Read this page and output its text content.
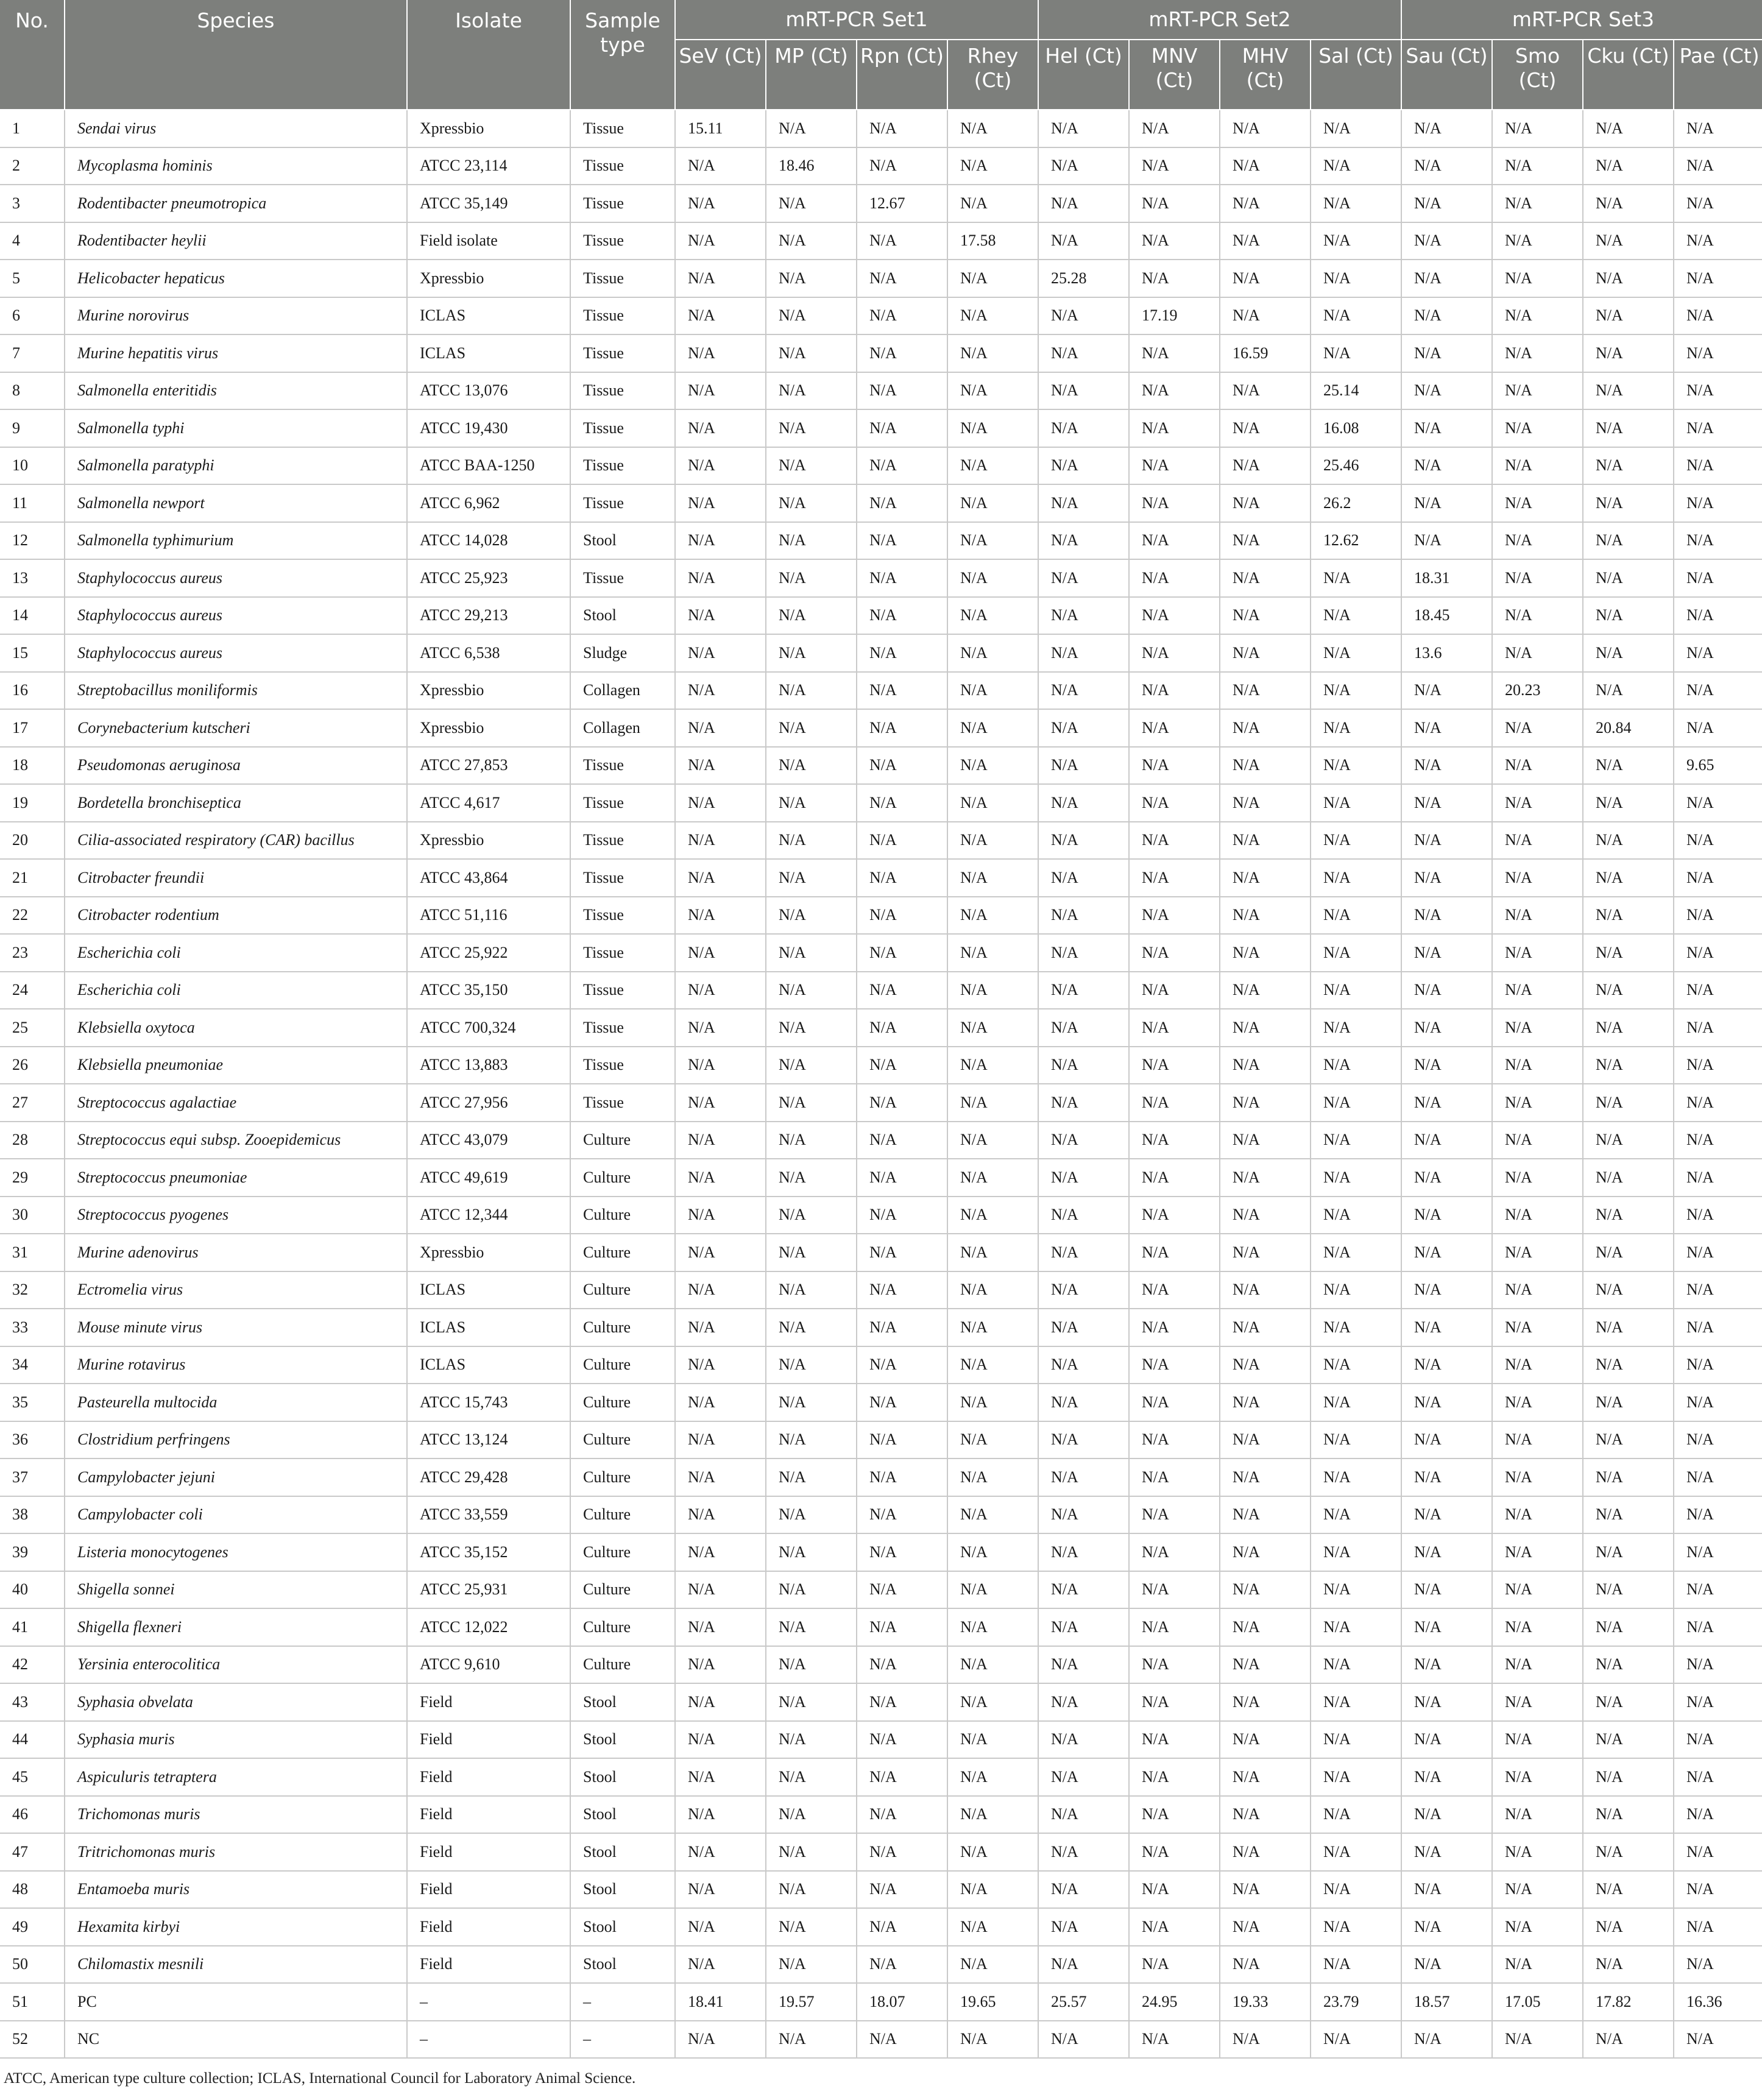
No.	Species	Isolate	Sample type	mRT-PCR Set1				mRT-PCR Set2				mRT-PCR Set3			
				SeV (Ct)	MP (Ct)	Rpn (Ct)	Rhey (Ct)	Hel (Ct)	MNV (Ct)	MHV (Ct)	Sal (Ct)	Sau (Ct)	Smo (Ct)	Cku (Ct)	Pae (Ct)
1	Sendai virus	Xpressbio	Tissue	15.11	N/A	N/A	N/A	N/A	N/A	N/A	N/A	N/A	N/A	N/A	N/A
2	Mycoplasma hominis	ATCC 23,114	Tissue	N/A	18.46	N/A	N/A	N/A	N/A	N/A	N/A	N/A	N/A	N/A	N/A
3	Rodentibacter pneumotropica	ATCC 35,149	Tissue	N/A	N/A	12.67	N/A	N/A	N/A	N/A	N/A	N/A	N/A	N/A	N/A
4	Rodentibacter heylii	Field isolate	Tissue	N/A	N/A	N/A	17.58	N/A	N/A	N/A	N/A	N/A	N/A	N/A	N/A
5	Helicobacter hepaticus	Xpressbio	Tissue	N/A	N/A	N/A	N/A	25.28	N/A	N/A	N/A	N/A	N/A	N/A	N/A
6	Murine norovirus	ICLAS	Tissue	N/A	N/A	N/A	N/A	N/A	17.19	N/A	N/A	N/A	N/A	N/A	N/A
7	Murine hepatitis virus	ICLAS	Tissue	N/A	N/A	N/A	N/A	N/A	N/A	16.59	N/A	N/A	N/A	N/A	N/A
8	Salmonella enteritidis	ATCC 13,076	Tissue	N/A	N/A	N/A	N/A	N/A	N/A	N/A	25.14	N/A	N/A	N/A	N/A
9	Salmonella typhi	ATCC 19,430	Tissue	N/A	N/A	N/A	N/A	N/A	N/A	N/A	16.08	N/A	N/A	N/A	N/A
10	Salmonella paratyphi	ATCC BAA-1250	Tissue	N/A	N/A	N/A	N/A	N/A	N/A	N/A	25.46	N/A	N/A	N/A	N/A
11	Salmonella newport	ATCC 6,962	Tissue	N/A	N/A	N/A	N/A	N/A	N/A	N/A	26.2	N/A	N/A	N/A	N/A
12	Salmonella typhimurium	ATCC 14,028	Stool	N/A	N/A	N/A	N/A	N/A	N/A	N/A	12.62	N/A	N/A	N/A	N/A
13	Staphylococcus aureus	ATCC 25,923	Tissue	N/A	N/A	N/A	N/A	N/A	N/A	N/A	N/A	18.31	N/A	N/A	N/A
14	Staphylococcus aureus	ATCC 29,213	Stool	N/A	N/A	N/A	N/A	N/A	N/A	N/A	N/A	18.45	N/A	N/A	N/A
15	Staphylococcus aureus	ATCC 6,538	Sludge	N/A	N/A	N/A	N/A	N/A	N/A	N/A	N/A	13.6	N/A	N/A	N/A
16	Streptobacillus moniliformis	Xpressbio	Collagen	N/A	N/A	N/A	N/A	N/A	N/A	N/A	N/A	N/A	20.23	N/A	N/A
17	Corynebacterium kutscheri	Xpressbio	Collagen	N/A	N/A	N/A	N/A	N/A	N/A	N/A	N/A	N/A	N/A	20.84	N/A
18	Pseudomonas aeruginosa	ATCC 27,853	Tissue	N/A	N/A	N/A	N/A	N/A	N/A	N/A	N/A	N/A	N/A	N/A	9.65
19	Bordetella bronchiseptica	ATCC 4,617	Tissue	N/A	N/A	N/A	N/A	N/A	N/A	N/A	N/A	N/A	N/A	N/A	N/A
20	Cilia-associated respiratory (CAR) bacillus	Xpressbio	Tissue	N/A	N/A	N/A	N/A	N/A	N/A	N/A	N/A	N/A	N/A	N/A	N/A
21	Citrobacter freundii	ATCC 43,864	Tissue	N/A	N/A	N/A	N/A	N/A	N/A	N/A	N/A	N/A	N/A	N/A	N/A
22	Citrobacter rodentium	ATCC 51,116	Tissue	N/A	N/A	N/A	N/A	N/A	N/A	N/A	N/A	N/A	N/A	N/A	N/A
23	Escherichia coli	ATCC 25,922	Tissue	N/A	N/A	N/A	N/A	N/A	N/A	N/A	N/A	N/A	N/A	N/A	N/A
24	Escherichia coli	ATCC 35,150	Tissue	N/A	N/A	N/A	N/A	N/A	N/A	N/A	N/A	N/A	N/A	N/A	N/A
25	Klebsiella oxytoca	ATCC 700,324	Tissue	N/A	N/A	N/A	N/A	N/A	N/A	N/A	N/A	N/A	N/A	N/A	N/A
26	Klebsiella pneumoniae	ATCC 13,883	Tissue	N/A	N/A	N/A	N/A	N/A	N/A	N/A	N/A	N/A	N/A	N/A	N/A
27	Streptococcus agalactiae	ATCC 27,956	Tissue	N/A	N/A	N/A	N/A	N/A	N/A	N/A	N/A	N/A	N/A	N/A	N/A
28	Streptococcus equi subsp. Zooepidemicus	ATCC 43,079	Culture	N/A	N/A	N/A	N/A	N/A	N/A	N/A	N/A	N/A	N/A	N/A	N/A
29	Streptococcus pneumoniae	ATCC 49,619	Culture	N/A	N/A	N/A	N/A	N/A	N/A	N/A	N/A	N/A	N/A	N/A	N/A
30	Streptococcus pyogenes	ATCC 12,344	Culture	N/A	N/A	N/A	N/A	N/A	N/A	N/A	N/A	N/A	N/A	N/A	N/A
31	Murine adenovirus	Xpressbio	Culture	N/A	N/A	N/A	N/A	N/A	N/A	N/A	N/A	N/A	N/A	N/A	N/A
32	Ectromelia virus	ICLAS	Culture	N/A	N/A	N/A	N/A	N/A	N/A	N/A	N/A	N/A	N/A	N/A	N/A
33	Mouse minute virus	ICLAS	Culture	N/A	N/A	N/A	N/A	N/A	N/A	N/A	N/A	N/A	N/A	N/A	N/A
34	Murine rotavirus	ICLAS	Culture	N/A	N/A	N/A	N/A	N/A	N/A	N/A	N/A	N/A	N/A	N/A	N/A
35	Pasteurella multocida	ATCC 15,743	Culture	N/A	N/A	N/A	N/A	N/A	N/A	N/A	N/A	N/A	N/A	N/A	N/A
36	Clostridium perfringens	ATCC 13,124	Culture	N/A	N/A	N/A	N/A	N/A	N/A	N/A	N/A	N/A	N/A	N/A	N/A
37	Campylobacter jejuni	ATCC 29,428	Culture	N/A	N/A	N/A	N/A	N/A	N/A	N/A	N/A	N/A	N/A	N/A	N/A
38	Campylobacter coli	ATCC 33,559	Culture	N/A	N/A	N/A	N/A	N/A	N/A	N/A	N/A	N/A	N/A	N/A	N/A
39	Listeria monocytogenes	ATCC 35,152	Culture	N/A	N/A	N/A	N/A	N/A	N/A	N/A	N/A	N/A	N/A	N/A	N/A
40	Shigella sonnei	ATCC 25,931	Culture	N/A	N/A	N/A	N/A	N/A	N/A	N/A	N/A	N/A	N/A	N/A	N/A
41	Shigella flexneri	ATCC 12,022	Culture	N/A	N/A	N/A	N/A	N/A	N/A	N/A	N/A	N/A	N/A	N/A	N/A
42	Yersinia enterocolitica	ATCC 9,610	Culture	N/A	N/A	N/A	N/A	N/A	N/A	N/A	N/A	N/A	N/A	N/A	N/A
43	Syphasia obvelata	Field	Stool	N/A	N/A	N/A	N/A	N/A	N/A	N/A	N/A	N/A	N/A	N/A	N/A
44	Syphasia muris	Field	Stool	N/A	N/A	N/A	N/A	N/A	N/A	N/A	N/A	N/A	N/A	N/A	N/A
45	Aspiculuris tetraptera	Field	Stool	N/A	N/A	N/A	N/A	N/A	N/A	N/A	N/A	N/A	N/A	N/A	N/A
46	Trichomonas muris	Field	Stool	N/A	N/A	N/A	N/A	N/A	N/A	N/A	N/A	N/A	N/A	N/A	N/A
47	Tritrichomonas muris	Field	Stool	N/A	N/A	N/A	N/A	N/A	N/A	N/A	N/A	N/A	N/A	N/A	N/A
48	Entamoeba muris	Field	Stool	N/A	N/A	N/A	N/A	N/A	N/A	N/A	N/A	N/A	N/A	N/A	N/A
49	Hexamita kirbyi	Field	Stool	N/A	N/A	N/A	N/A	N/A	N/A	N/A	N/A	N/A	N/A	N/A	N/A
50	Chilomastix mesnili	Field	Stool	N/A	N/A	N/A	N/A	N/A	N/A	N/A	N/A	N/A	N/A	N/A	N/A
51	PC	–	–	18.41	19.57	18.07	19.65	25.57	24.95	19.33	23.79	18.57	17.05	17.82	16.36
52	NC	–	–	N/A	N/A	N/A	N/A	N/A	N/A	N/A	N/A	N/A	N/A	N/A	N/A
ATCC, American type culture collection; ICLAS, International Council for Laboratory Animal Science.
